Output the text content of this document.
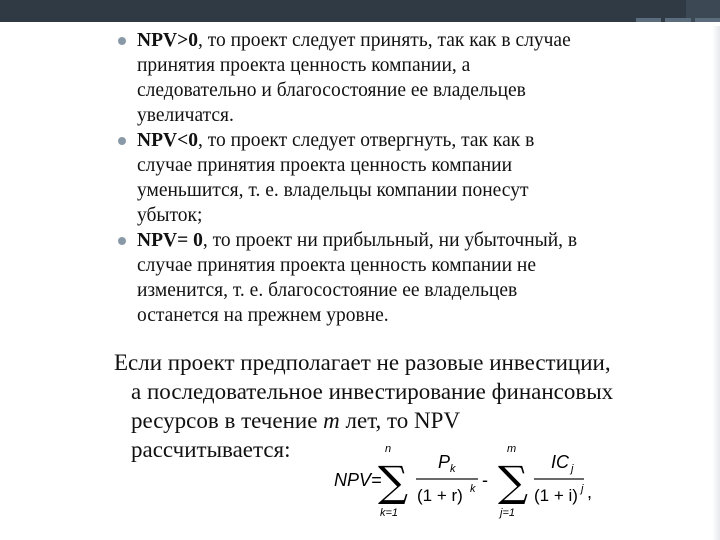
NPV>0, то проект следует принять, так как в случае
принятия проекта ценность компании, а
следовательно и благосостояние ее владельцев
увеличатся.
NPV<0, то проект следует отвергнуть, так как в
случае принятия проекта ценность компании
уменьшится, т. е. владельцы компании понесут
убыток;
NPV= 0, то проект ни прибыльный, ни убыточный, в
случае принятия проекта ценность компании не
изменится, т. е. благосостояние ее владельцев
останется на прежнем уровне.
Если проект предполагает не разовые инвестиции,
а последовательное инвестирование финансовых
ресурсов в течение m лет, то NPV
рассчитывается:
NPV=
n
∑
k=1
P k
(1 + r) k -
m
∑
j=1
IC j
(1 + i) j ,
